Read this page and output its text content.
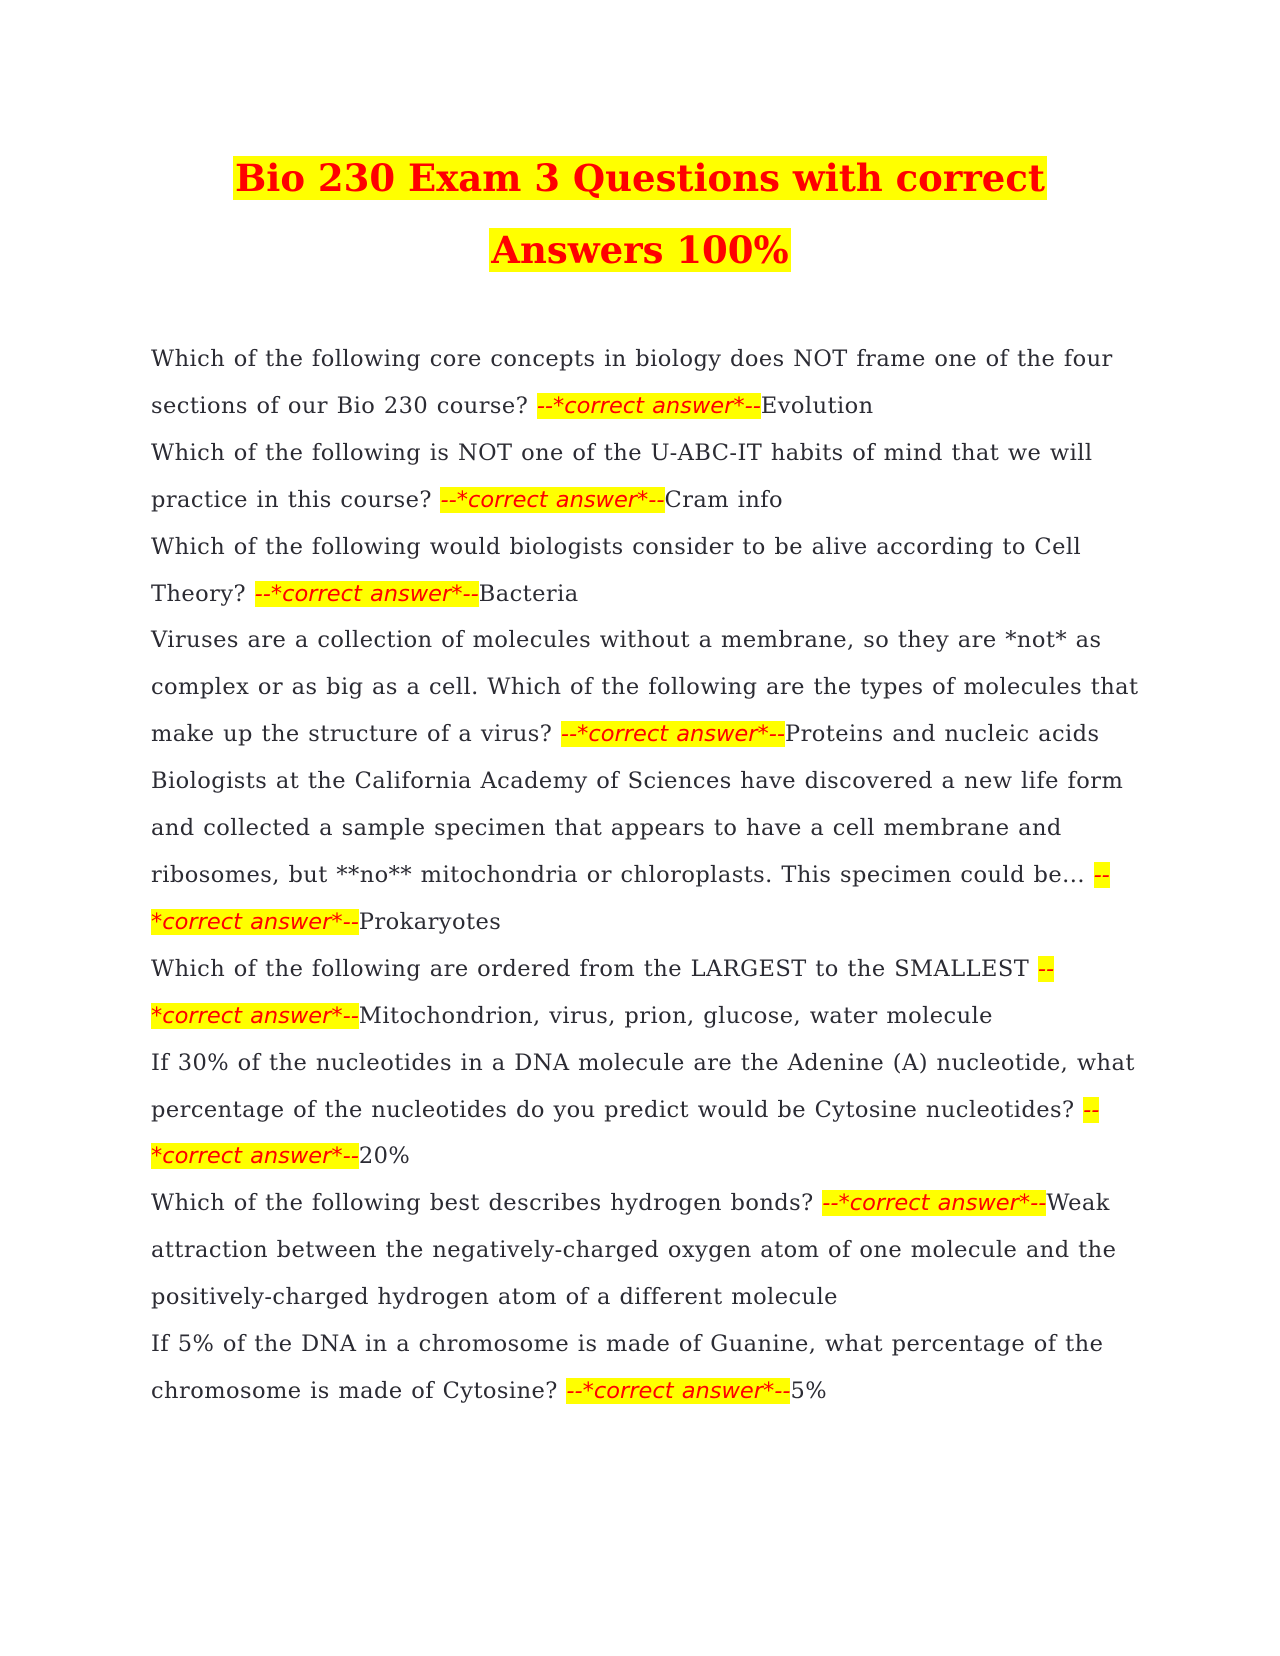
Bio 230 Exam 3 Questions with correct
Answers 100%

Which of the following core concepts in biology does NOT frame one of the four sections of our Bio 230 course? --*correct answer*--Evolution

Which of the following is NOT one of the U-ABC-IT habits of mind that we will practice in this course? --*correct answer*--Cram info

Which of the following would biologists consider to be alive according to Cell Theory? --*correct answer*--Bacteria

Viruses are a collection of molecules without a membrane, so they are *not* as complex or as big as a cell. Which of the following are the types of molecules that make up the structure of a virus? --*correct answer*--Proteins and nucleic acids

Biologists at the California Academy of Sciences have discovered a new life form and collected a sample specimen that appears to have a cell membrane and ribosomes, but **no** mitochondria or chloroplasts. This specimen could be... --*correct answer*--Prokaryotes

Which of the following are ordered from the LARGEST to the SMALLEST --*correct answer*--Mitochondrion, virus, prion, glucose, water molecule

If 30% of the nucleotides in a DNA molecule are the Adenine (A) nucleotide, what percentage of the nucleotides do you predict would be Cytosine nucleotides? --*correct answer*--20%

Which of the following best describes hydrogen bonds? --*correct answer*--Weak attraction between the negatively-charged oxygen atom of one molecule and the positively-charged hydrogen atom of a different molecule

If 5% of the DNA in a chromosome is made of Guanine, what percentage of the chromosome is made of Cytosine? --*correct answer*--5%
